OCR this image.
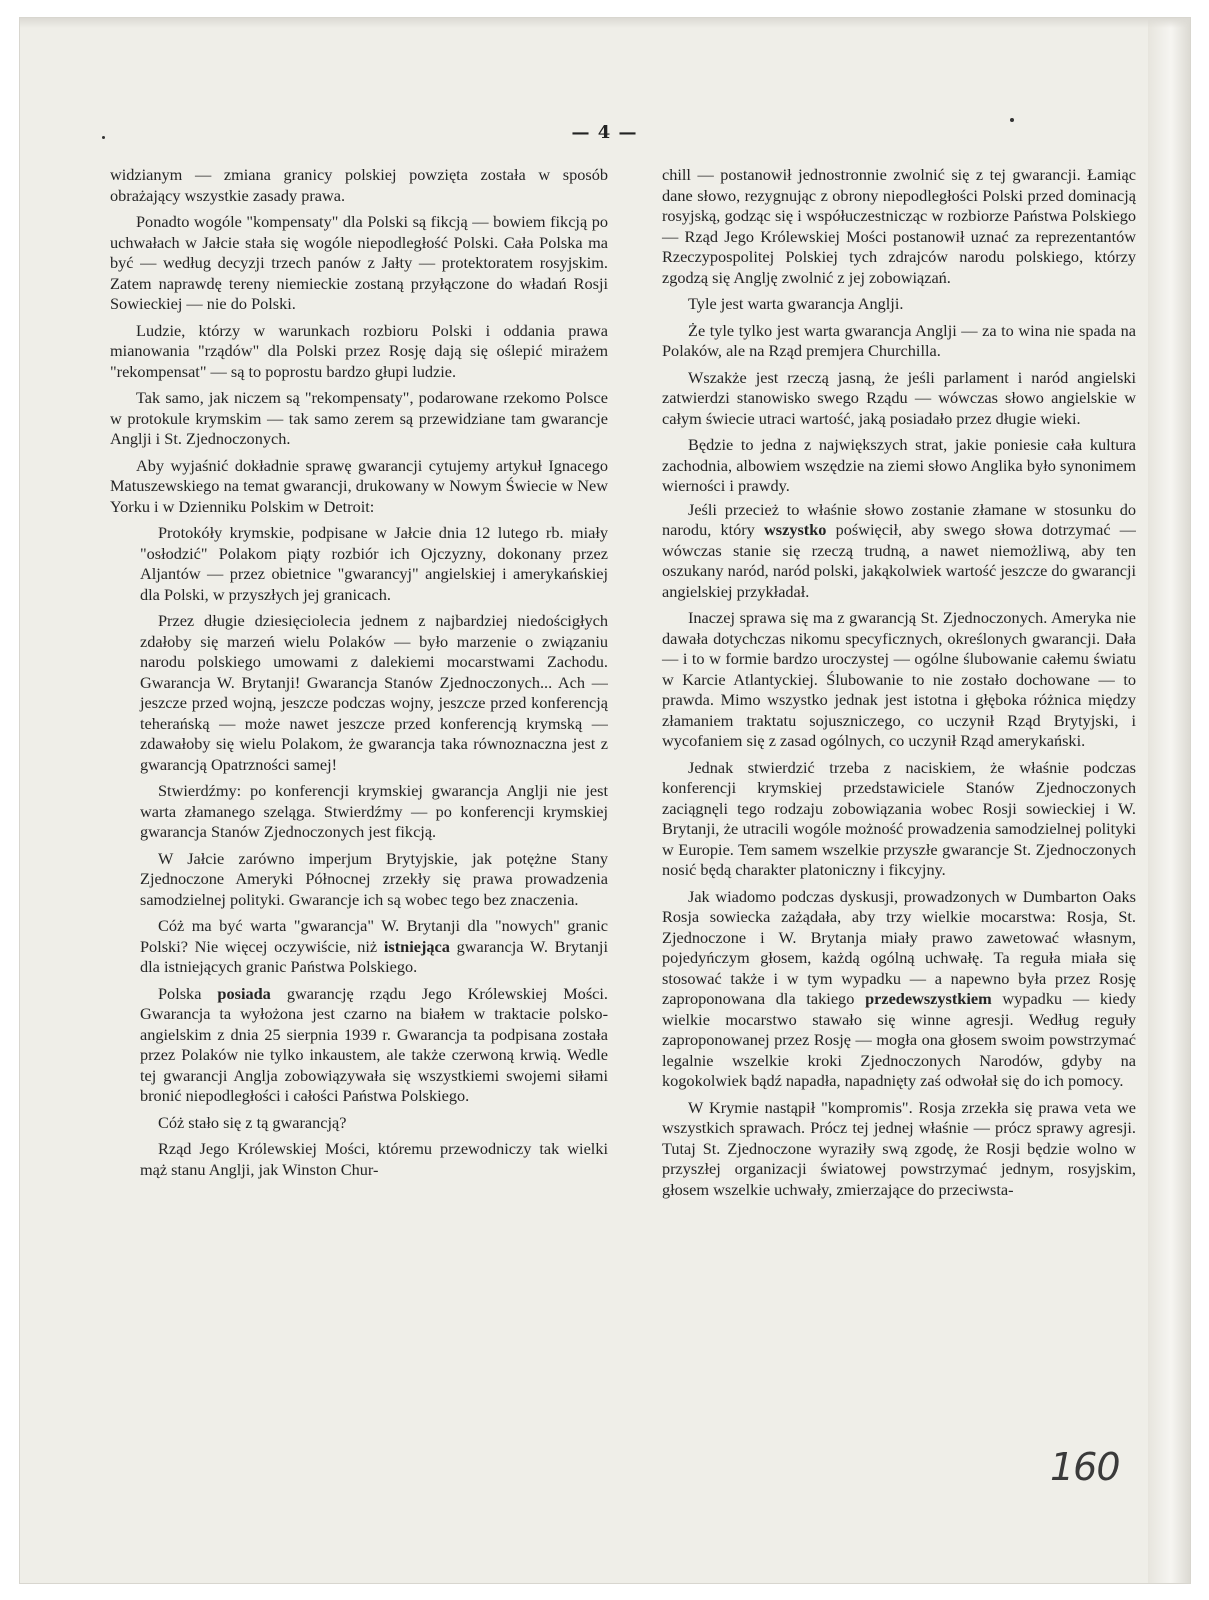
— 4 —

widzianym — zmiana granicy polskiej powzięta została w sposób obrażający wszystkie zasady prawa.

Ponadto wogóle "kompensaty" dla Polski są fikcją — bowiem fikcją po uchwałach w Jałcie stała się wogóle niepodległość Polski. Cała Polska ma być — według decyzji trzech panów z Jałty — protektoratem rosyjskim. Zatem naprawdę tereny niemieckie zostaną przyłączone do władań Rosji Sowieckiej — nie do Polski.

Ludzie, którzy w warunkach rozbioru Polski i oddania prawa mianowania "rządów" dla Polski przez Rosję dają się oślepić mirażem "rekompensat" — są to poprostu bardzo głupi ludzie.

Tak samo, jak niczem są "rekompensaty", podarowane rzekomo Polsce w protokule krymskim — tak samo zerem są przewidziane tam gwarancje Anglji i St. Zjednoczonych.

Aby wyjaśnić dokładnie sprawę gwarancji cytujemy artykuł Ignacego Matuszewskiego na temat gwarancji, drukowany w Nowym Świecie w New Yorku i w Dzienniku Polskim w Detroit:

Protokóły krymskie, podpisane w Jałcie dnia 12 lutego rb. miały "osłodzić" Polakom piąty rozbiór ich Ojczyzny, dokonany przez Aljantów — przez obietnice "gwarancyj" angielskiej i amerykańskiej dla Polski, w przyszłych jej granicach.

Przez długie dziesięciolecia jednem z najbardziej niedościgłych zdałoby się marzeń wielu Polaków — było marzenie o związaniu narodu polskiego umowami z dalekiemi mocarstwami Zachodu. Gwarancja W. Brytanji! Gwarancja Stanów Zjednoczonych... Ach — jeszcze przed wojną, jeszcze podczas wojny, jeszcze przed konferencją teherańską — może nawet jeszcze przed konferencją krymską — zdawałoby się wielu Polakom, że gwarancja taka równoznaczna jest z gwarancją Opatrzności samej!

Stwierdźmy: po konferencji krymskiej gwarancja Anglji nie jest warta złamanego szeląga. Stwierdźmy — po konferencji krymskiej gwarancja Stanów Zjednoczonych jest fikcją.

W Jałcie zarówno imperjum Brytyjskie, jak potężne Stany Zjednoczone Ameryki Północnej zrzekły się prawa prowadzenia samodzielnej polityki. Gwarancje ich są wobec tego bez znaczenia.

Cóż ma być warta "gwarancja" W. Brytanji dla "nowych" granic Polski? Nie więcej oczywiście, niż istniejąca gwarancja W. Brytanji dla istniejących granic Państwa Polskiego.

Polska posiada gwarancję rządu Jego Królewskiej Mości. Gwarancja ta wyłożona jest czarno na białem w traktacie polsko-angielskim z dnia 25 sierpnia 1939 r. Gwarancja ta podpisana została przez Polaków nie tylko inkaustem, ale także czerwoną krwią. Wedle tej gwarancji Anglja zobowiązywała się wszystkiemi swojemi siłami bronić niepodległości i całości Państwa Polskiego.

Cóż stało się z tą gwarancją?

Rząd Jego Królewskiej Mości, któremu przewodniczy tak wielki mąż stanu Anglji, jak Winston Chur-

chill — postanowił jednostronnie zwolnić się z tej gwarancji. Łamiąc dane słowo, rezygnując z obrony niepodległości Polski przed dominacją rosyjską, godząc się i współuczestnicząc w rozbiorze Państwa Polskiego — Rząd Jego Królewskiej Mości postanowił uznać za reprezentantów Rzeczypospolitej Polskiej tych zdrajców narodu polskiego, którzy zgodzą się Anglję zwolnić z jej zobowiązań.

Tyle jest warta gwarancja Anglji.

Że tyle tylko jest warta gwarancja Anglji — za to wina nie spada na Polaków, ale na Rząd premjera Churchilla.

Wszakże jest rzeczą jasną, że jeśli parlament i naród angielski zatwierdzi stanowisko swego Rządu — wówczas słowo angielskie w całym świecie utraci wartość, jaką posiadało przez długie wieki.

Będzie to jedna z największych strat, jakie poniesie cała kultura zachodnia, albowiem wszędzie na ziemi słowo Anglika było synonimem wierności i prawdy.

Jeśli przecież to właśnie słowo zostanie złamane w stosunku do narodu, który wszystko poświęcił, aby swego słowa dotrzymać — wówczas stanie się rzeczą trudną, a nawet niemożliwą, aby ten oszukany naród, naród polski, jakąkolwiek wartość jeszcze do gwarancji angielskiej przykładał.

Inaczej sprawa się ma z gwarancją St. Zjednoczonych. Ameryka nie dawała dotychczas nikomu specyficznych, określonych gwarancji. Dała — i to w formie bardzo uroczystej — ogólne ślubowanie całemu światu w Karcie Atlantyckiej. Ślubowanie to nie zostało dochowane — to prawda. Mimo wszystko jednak jest istotna i głęboka różnica między złamaniem traktatu sojuszniczego, co uczynił Rząd Brytyjski, i wycofaniem się z zasad ogólnych, co uczynił Rząd amerykański.

Jednak stwierdzić trzeba z naciskiem, że właśnie podczas konferencji krymskiej przedstawiciele Stanów Zjednoczonych zaciągnęli tego rodzaju zobowiązania wobec Rosji sowieckiej i W. Brytanji, że utracili wogóle możność prowadzenia samodzielnej polityki w Europie. Tem samem wszelkie przyszłe gwarancje St. Zjednoczonych nosić będą charakter platoniczny i fikcyjny.

Jak wiadomo podczas dyskusji, prowadzonych w Dumbarton Oaks Rosja sowiecka zażądała, aby trzy wielkie mocarstwa: Rosja, St. Zjednoczone i W. Brytanja miały prawo zawetować własnym, pojedyńczym głosem, każdą ogólną uchwałę. Ta reguła miała się stosować także i w tym wypadku — a napewno była przez Rosję zaproponowana dla takiego przedewszystkiem wypadku — kiedy wielkie mocarstwo stawało się winne agresji. Według reguły zaproponowanej przez Rosję — mogła ona głosem swoim powstrzymać legalnie wszelkie kroki Zjednoczonych Narodów, gdyby na kogokolwiek bądź napadła, napadnięty zaś odwołał się do ich pomocy.

W Krymie nastąpił "kompromis". Rosja zrzekła się prawa veta we wszystkich sprawach. Prócz tej jednej właśnie — prócz sprawy agresji. Tutaj St. Zjednoczone wyraziły swą zgodę, że Rosji będzie wolno w przyszłej organizacji światowej powstrzymać jednym, rosyjskim, głosem wszelkie uchwały, zmierzające do przeciwsta-

160
